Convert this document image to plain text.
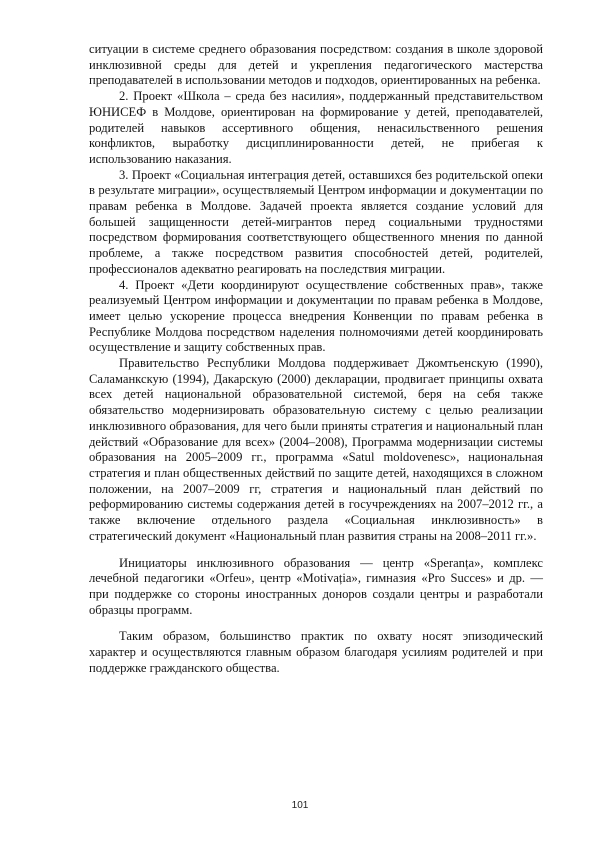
ситуации в системе среднего образования посредством: создания в школе здоровой инклюзивной среды для детей и укрепления педагогического мастерства преподавателей в использовании методов и подходов, ориентированных на ребенка.

2. Проект «Школа – среда без насилия», поддержанный представительством ЮНИСЕФ в Молдове, ориентирован на формирование у детей, преподавателей, родителей навыков ассертивного общения, ненасильственного решения конфликтов, выработку дисциплинированности детей, не прибегая к использованию наказания.

3. Проект «Социальная интеграция детей, оставшихся без родительской опеки в результате миграции», осуществляемый Центром информации и документации по правам ребенка в Молдове. Задачей проекта является создание условий для большей защищенности детей-мигрантов перед социальными трудностями посредством формирования соответствующего общественного мнения по данной проблеме, а также посредством развития способностей детей, родителей, профессионалов адекватно реагировать на последствия миграции.

4. Проект «Дети координируют осуществление собственных прав», также реализуемый Центром информации и документации по правам ребенка в Молдове, имеет целью ускорение процесса внедрения Конвенции по правам ребенка в Республике Молдова посредством наделения полномочиями детей координировать осуществление и защиту собственных прав.

Правительство Республики Молдова поддерживает Джомтьенскую (1990), Саламанкскую (1994), Дакарскую (2000) декларации, продвигает принципы охвата всех детей национальной образовательной системой, беря на себя также обязательство модернизировать образовательную систему с целью реализации инклюзивного образования, для чего были приняты стратегия и национальный план действий «Образование для всех» (2004–2008), Программа модернизации системы образования на 2005–2009 гг., программа «Satul moldovenesc», национальная стратегия и план общественных действий по защите детей, находящихся в сложном положении, на 2007–2009 гг, стратегия и национальный план действий по реформированию системы содержания детей в госучреждениях на 2007–2012 гг., а также включение отдельного раздела «Социальная инклюзивность» в стратегический документ «Национальный план развития страны на 2008–2011 гг.».

Инициаторы инклюзивного образования — центр «Speranța», комплекс лечебной педагогики «Orfeu», центр «Motivația», гимназия «Pro Succes» и др. — при поддержке со стороны иностранных доноров создали центры и разработали образцы программ.

Таким образом, большинство практик по охвату носят эпизодический характер и осуществляются главным образом благодаря усилиям родителей и при поддержке гражданского общества.

101
